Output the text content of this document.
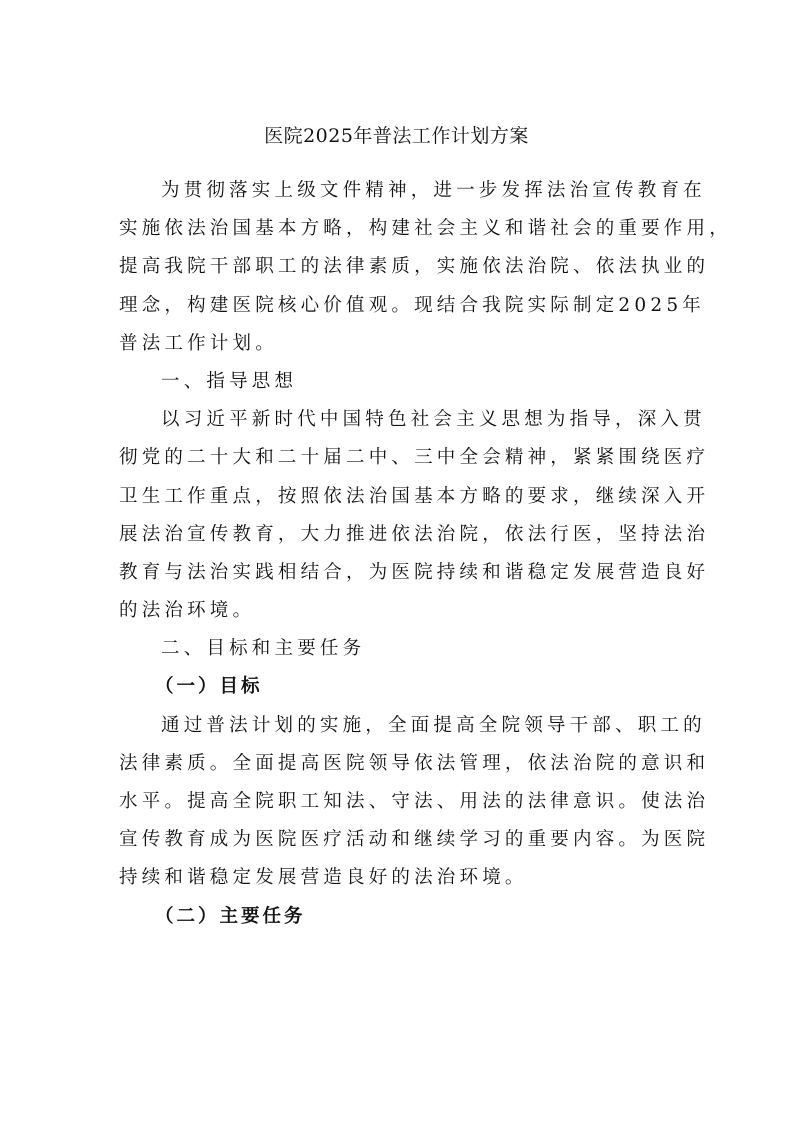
医院2025年普法工作计划方案
为贯彻落实上级文件精神，进一步发挥法治宣传教育在
实施依法治国基本方略，构建社会主义和谐社会的重要作用，
提高我院干部职工的法律素质，实施依法治院、依法执业的
理念，构建医院核心价值观。现结合我院实际制定2025年
普法工作计划。
一、指导思想
以习近平新时代中国特色社会主义思想为指导，深入贯
彻党的二十大和二十届二中、三中全会精神，紧紧围绕医疗
卫生工作重点，按照依法治国基本方略的要求，继续深入开
展法治宣传教育，大力推进依法治院，依法行医，坚持法治
教育与法治实践相结合，为医院持续和谐稳定发展营造良好
的法治环境。
二、目标和主要任务
（一）目标
通过普法计划的实施，全面提高全院领导干部、职工的
法律素质。全面提高医院领导依法管理，依法治院的意识和
水平。提高全院职工知法、守法、用法的法律意识。使法治
宣传教育成为医院医疗活动和继续学习的重要内容。为医院
持续和谐稳定发展营造良好的法治环境。
（二）主要任务
